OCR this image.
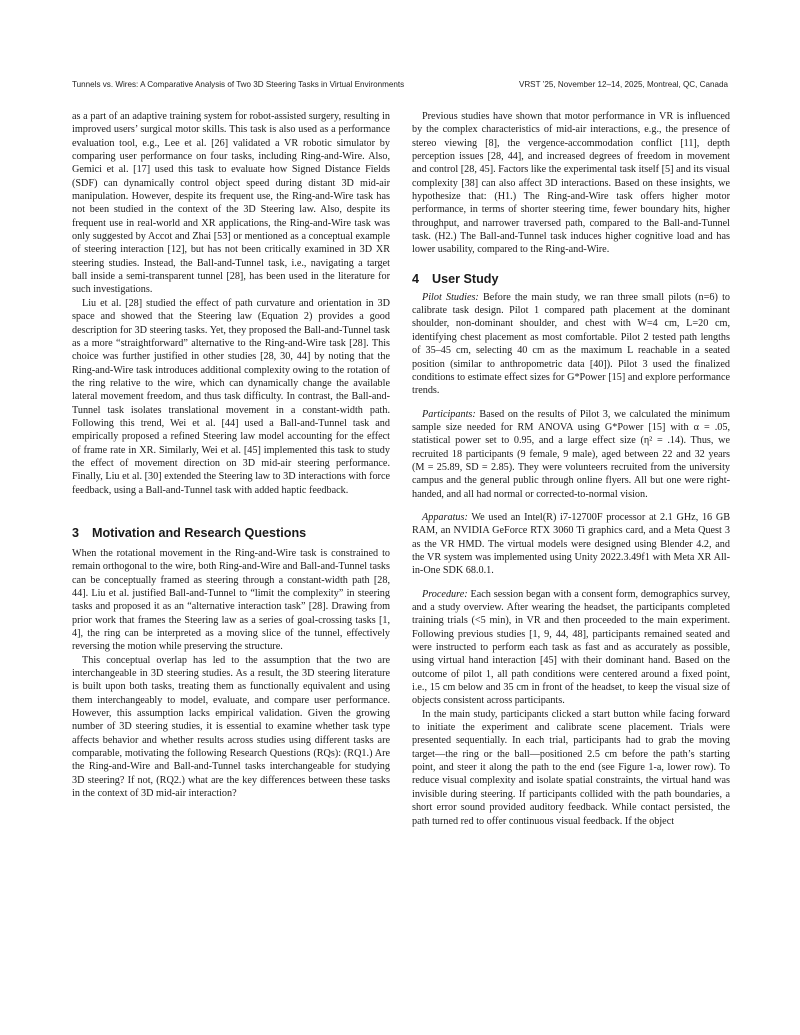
Tunnels vs. Wires: A Comparative Analysis of Two 3D Steering Tasks in Virtual Environments	VRST ’25, November 12–14, 2025, Montreal, QC, Canada

as a part of an adaptive training system for robot-assisted surgery, resulting in improved users’ surgical motor skills. This task is also used as a performance evaluation tool, e.g., Lee et al. [26] validated a VR robotic simulator by comparing user performance on four tasks, including Ring-and-Wire. Also, Gemici et al. [17] used this task to evaluate how Signed Distance Fields (SDF) can dynamically control object speed during distant 3D mid-air manipulation. However, despite its frequent use, the Ring-and-Wire task has not been studied in the context of the 3D Steering law. Also, despite its frequent use in real-world and XR applications, the Ring-and-Wire task was only suggested by Accot and Zhai [53] or mentioned as a conceptual example of steering interaction [12], but has not been critically examined in 3D XR steering studies. Instead, the Ball-and-Tunnel task, i.e., navigating a target ball inside a semi-transparent tunnel [28], has been used in the literature for such investigations.

Liu et al. [28] studied the effect of path curvature and orientation in 3D space and showed that the Steering law (Equation 2) provides a good description for 3D steering tasks. Yet, they proposed the Ball-and-Tunnel task as a more “straightforward” alternative to the Ring-and-Wire task [28]. This choice was further justified in other studies [28, 30, 44] by noting that the Ring-and-Wire task introduces additional complexity owing to the rotation of the ring relative to the wire, which can dynamically change the available lateral movement freedom, and thus task difficulty. In contrast, the Ball-and-Tunnel task isolates translational movement in a constant-width path. Following this trend, Wei et al. [44] used a Ball-and-Tunnel task and empirically proposed a refined Steering law model accounting for the effect of frame rate in XR. Similarly, Wei et al. [45] implemented this task to study the effect of movement direction on 3D mid-air steering performance. Finally, Liu et al. [30] extended the Steering law to 3D interactions with force feedback, using a Ball-and-Tunnel task with added haptic feedback.

3 Motivation and Research Questions

When the rotational movement in the Ring-and-Wire task is constrained to remain orthogonal to the wire, both Ring-and-Wire and Ball-and-Tunnel tasks can be conceptually framed as steering through a constant-width path [28, 44]. Liu et al. justified Ball-and-Tunnel to “limit the complexity” in steering tasks and proposed it as an “alternative interaction task” [28]. Drawing from prior work that frames the Steering law as a series of goal-crossing tasks [1, 4], the ring can be interpreted as a moving slice of the tunnel, effectively reversing the motion while preserving the structure.

This conceptual overlap has led to the assumption that the two are interchangeable in 3D steering studies. As a result, the 3D steering literature is built upon both tasks, treating them as functionally equivalent and using them interchangeably to model, evaluate, and compare user performance. However, this assumption lacks empirical validation. Given the growing number of 3D steering studies, it is essential to examine whether task type affects behavior and whether results across studies using different tasks are comparable, motivating the following Research Questions (RQs): (RQ1.) Are the Ring-and-Wire and Ball-and-Tunnel tasks interchangeable for studying 3D steering? If not, (RQ2.) what are the key differences between these tasks in the context of 3D mid-air interaction?

Previous studies have shown that motor performance in VR is influenced by the complex characteristics of mid-air interactions, e.g., the presence of stereo viewing [8], the vergence-accommodation conflict [11], depth perception issues [28, 44], and increased degrees of freedom in movement and control [28, 45]. Factors like the experimental task itself [5] and its visual complexity [38] can also affect 3D interactions. Based on these insights, we hypothesize that: (H1.) The Ring-and-Wire task offers higher motor performance, in terms of shorter steering time, fewer boundary hits, higher throughput, and narrower traversed path, compared to the Ball-and-Tunnel task. (H2.) The Ball-and-Tunnel task induces higher cognitive load and has lower usability, compared to the Ring-and-Wire.

4 User Study

Pilot Studies: Before the main study, we ran three small pilots (n=6) to calibrate task design. Pilot 1 compared path placement at the dominant shoulder, non-dominant shoulder, and chest with W=4 cm, L=20 cm, identifying chest placement as most comfortable. Pilot 2 tested path lengths of 35–45 cm, selecting 40 cm as the maximum L reachable in a seated position (similar to anthropometric data [40]). Pilot 3 used the finalized conditions to estimate effect sizes for G*Power [15] and explore performance trends.

Participants: Based on the results of Pilot 3, we calculated the minimum sample size needed for RM ANOVA using G*Power [15] with α = .05, statistical power set to 0.95, and a large effect size (η² = .14). Thus, we recruited 18 participants (9 female, 9 male), aged between 22 and 32 years (M = 25.89, SD = 2.85). They were volunteers recruited from the university campus and the general public through online flyers. All but one were right-handed, and all had normal or corrected-to-normal vision.

Apparatus: We used an Intel(R) i7-12700F processor at 2.1 GHz, 16 GB RAM, an NVIDIA GeForce RTX 3060 Ti graphics card, and a Meta Quest 3 as the VR HMD. The virtual models were designed using Blender 4.2, and the VR system was implemented using Unity 2022.3.49f1 with Meta XR All-in-One SDK 68.0.1.

Procedure: Each session began with a consent form, demographics survey, and a study overview. After wearing the headset, the participants completed training trials (<5 min), in VR and then proceeded to the main experiment. Following previous studies [1, 9, 44, 48], participants remained seated and were instructed to perform each task as fast and as accurately as possible, using virtual hand interaction [45] with their dominant hand. Based on the outcome of pilot 1, all path conditions were centered around a fixed point, i.e., 15 cm below and 35 cm in front of the headset, to keep the visual size of objects consistent across participants.

In the main study, participants clicked a start button while facing forward to initiate the experiment and calibrate scene placement. Trials were presented sequentially. In each trial, participants had to grab the moving target—the ring or the ball—positioned 2.5 cm before the path’s starting point, and steer it along the path to the end (see Figure 1-a, lower row). To reduce visual complexity and isolate spatial constraints, the virtual hand was invisible during steering. If participants collided with the path boundaries, a short error sound provided auditory feedback. While contact persisted, the path turned red to offer continuous visual feedback. If the object
